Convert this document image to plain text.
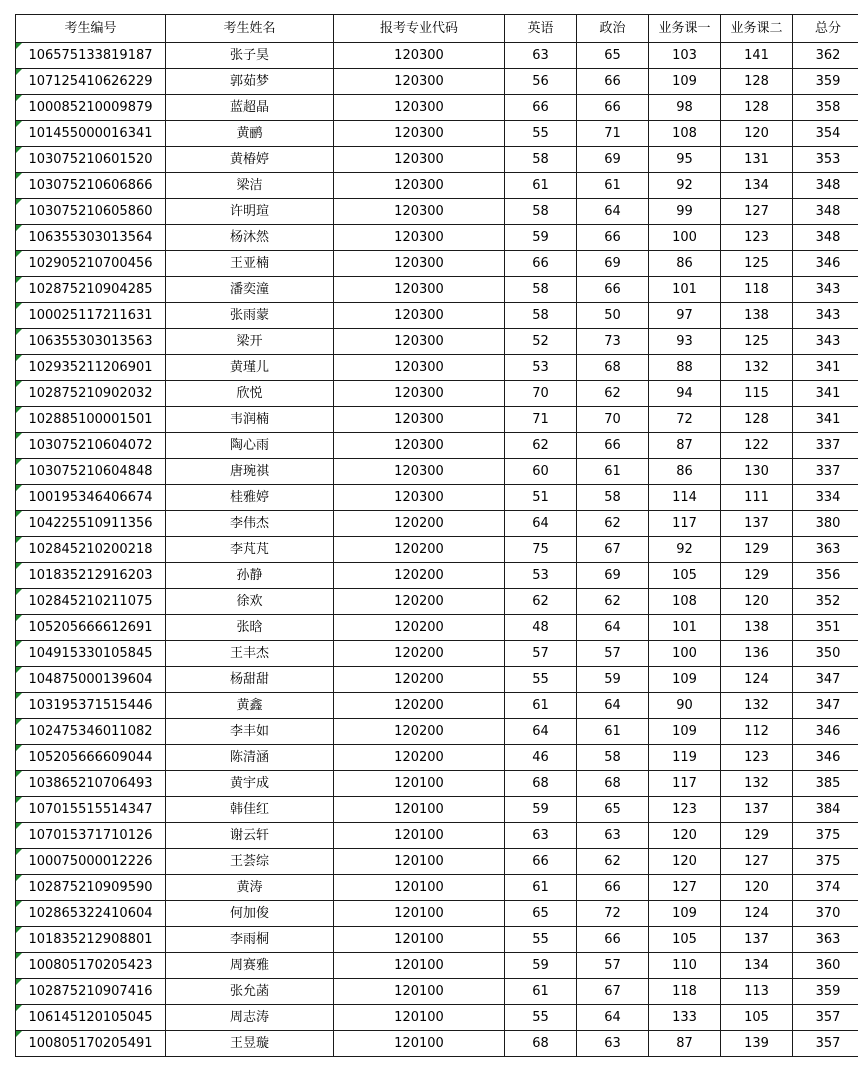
考生编号	考生姓名	报考专业代码	英语	政治	业务课一	业务课二	总分
106575133819187	张子昊	120300	63	65	103	141	362
107125410626229	郭茹梦	120300	56	66	109	128	359
100085210009879	蓝超晶	120300	66	66	98	128	358
101455000016341	黄鹂	120300	55	71	108	120	354
103075210601520	黄椿婷	120300	58	69	95	131	353
103075210606866	梁洁	120300	61	61	92	134	348
103075210605860	许明瑄	120300	58	64	99	127	348
106355303013564	杨沐然	120300	59	66	100	123	348
102905210700456	王亚楠	120300	66	69	86	125	346
102875210904285	潘奕潼	120300	58	66	101	118	343
100025117211631	张雨蒙	120300	58	50	97	138	343
106355303013563	梁开	120300	52	73	93	125	343
102935211206901	黄瑾儿	120300	53	68	88	132	341
102875210902032	欣悦	120300	70	62	94	115	341
102885100001501	韦润楠	120300	71	70	72	128	341
103075210604072	陶心雨	120300	62	66	87	122	337
103075210604848	唐琬祺	120300	60	61	86	130	337
100195346406674	桂雅婷	120300	51	58	114	111	334
104225510911356	李伟杰	120200	64	62	117	137	380
102845210200218	李芃芃	120200	75	67	92	129	363
101835212916203	孙静	120200	53	69	105	129	356
102845210211075	徐欢	120200	62	62	108	120	352
105205666612691	张晗	120200	48	64	101	138	351
104915330105845	王丰杰	120200	57	57	100	136	350
104875000139604	杨甜甜	120200	55	59	109	124	347
103195371515446	黄鑫	120200	61	64	90	132	347
102475346011082	李丰如	120200	64	61	109	112	346
105205666609044	陈清涵	120200	46	58	119	123	346
103865210706493	黄宇成	120100	68	68	117	132	385
107015515514347	韩佳红	120100	59	65	123	137	384
107015371710126	谢云轩	120100	63	63	120	129	375
100075000012226	王荟综	120100	66	62	120	127	375
102875210909590	黄涛	120100	61	66	127	120	374
102865322410604	何加俊	120100	65	72	109	124	370
101835212908801	李雨桐	120100	55	66	105	137	363
100805170205423	周赛雅	120100	59	57	110	134	360
102875210907416	张允菡	120100	61	67	118	113	359
106145120105045	周志涛	120100	55	64	133	105	357
100805170205491	王昱璇	120100	68	63	87	139	357
